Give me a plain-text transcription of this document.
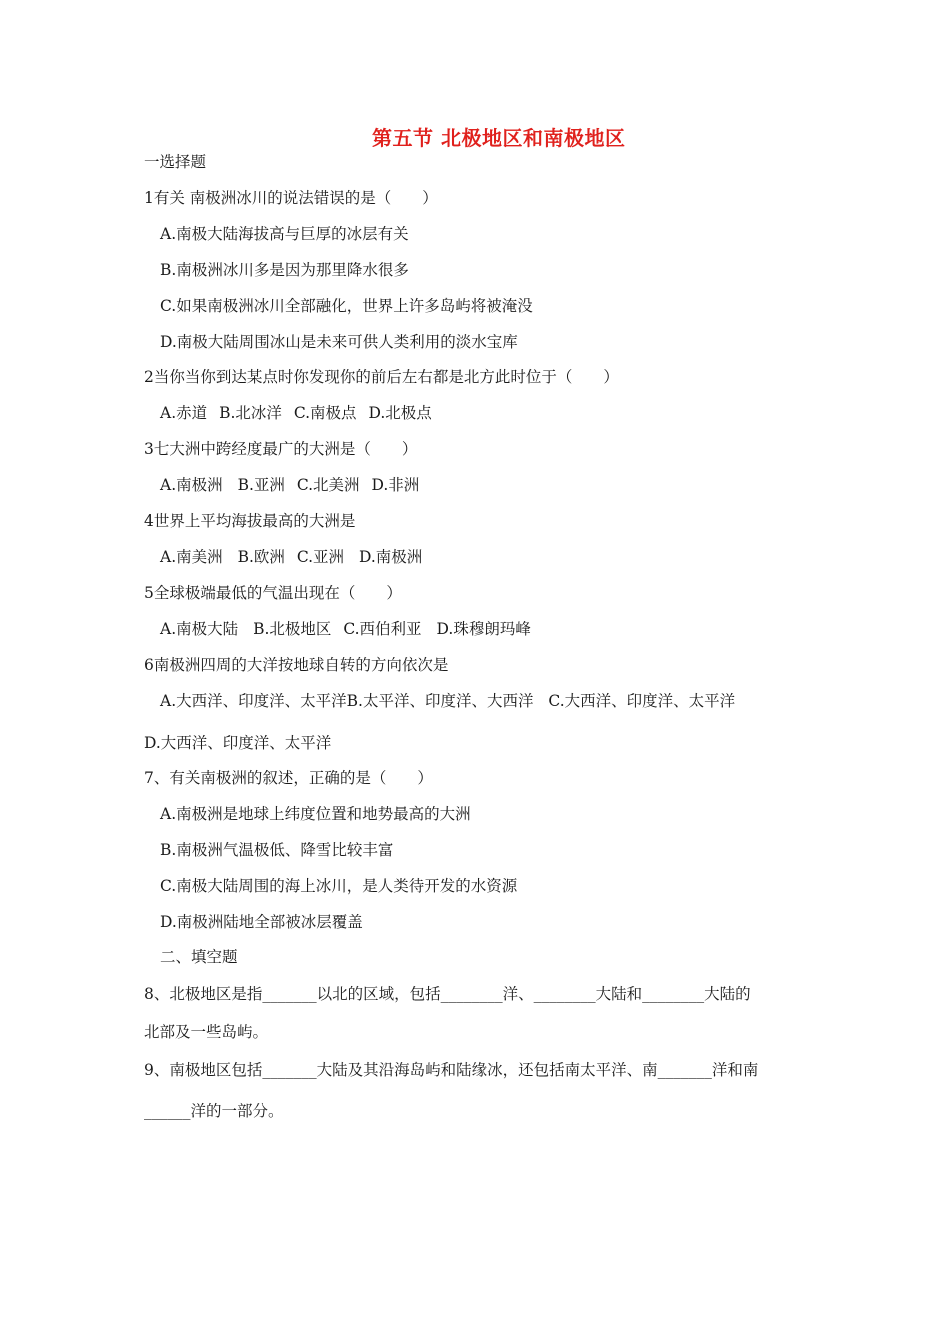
第五节 北极地区和南极地区
一选择题
1有关 南极洲冰川的说法错误的是（　　）
A.南极大陆海拔高与巨厚的冰层有关
B.南极洲冰川多是因为那里降水很多
C.如果南极洲冰川全部融化，世界上许多岛屿将被淹没
D.南极大陆周围冰山是未来可供人类利用的淡水宝库
2当你当你到达某点时你发现你的前后左右都是北方此时位于（　　）
A.赤道 B.北冰洋 C.南极点 D.北极点
3七大洲中跨经度最广的大洲是（　　）
A.南极洲 B.亚洲 C.北美洲 D.非洲
4世界上平均海拔最高的大洲是
A.南美洲 B.欧洲 C.亚洲 D.南极洲
5全球极端最低的气温出现在（　　）
A.南极大陆 B.北极地区 C.西伯利亚 D.珠穆朗玛峰
6南极洲四周的大洋按地球自转的方向依次是
A.大西洋、印度洋、太平洋B.太平洋、印度洋、大西洋 C.大西洋、印度洋、太平洋
D.大西洋、印度洋、太平洋
7、有关南极洲的叙述，正确的是（　　）
A.南极洲是地球上纬度位置和地势最高的大洲
B.南极洲气温极低、降雪比较丰富
C.南极大陆周围的海上冰川，是人类待开发的水资源
D.南极洲陆地全部被冰层覆盖
二、填空题
8、北极地区是指_______以北的区域，包括________洋、________大陆和________大陆的
北部及一些岛屿。
9、南极地区包括_______大陆及其沿海岛屿和陆缘冰，还包括南太平洋、南_______洋和南
______洋的一部分。
